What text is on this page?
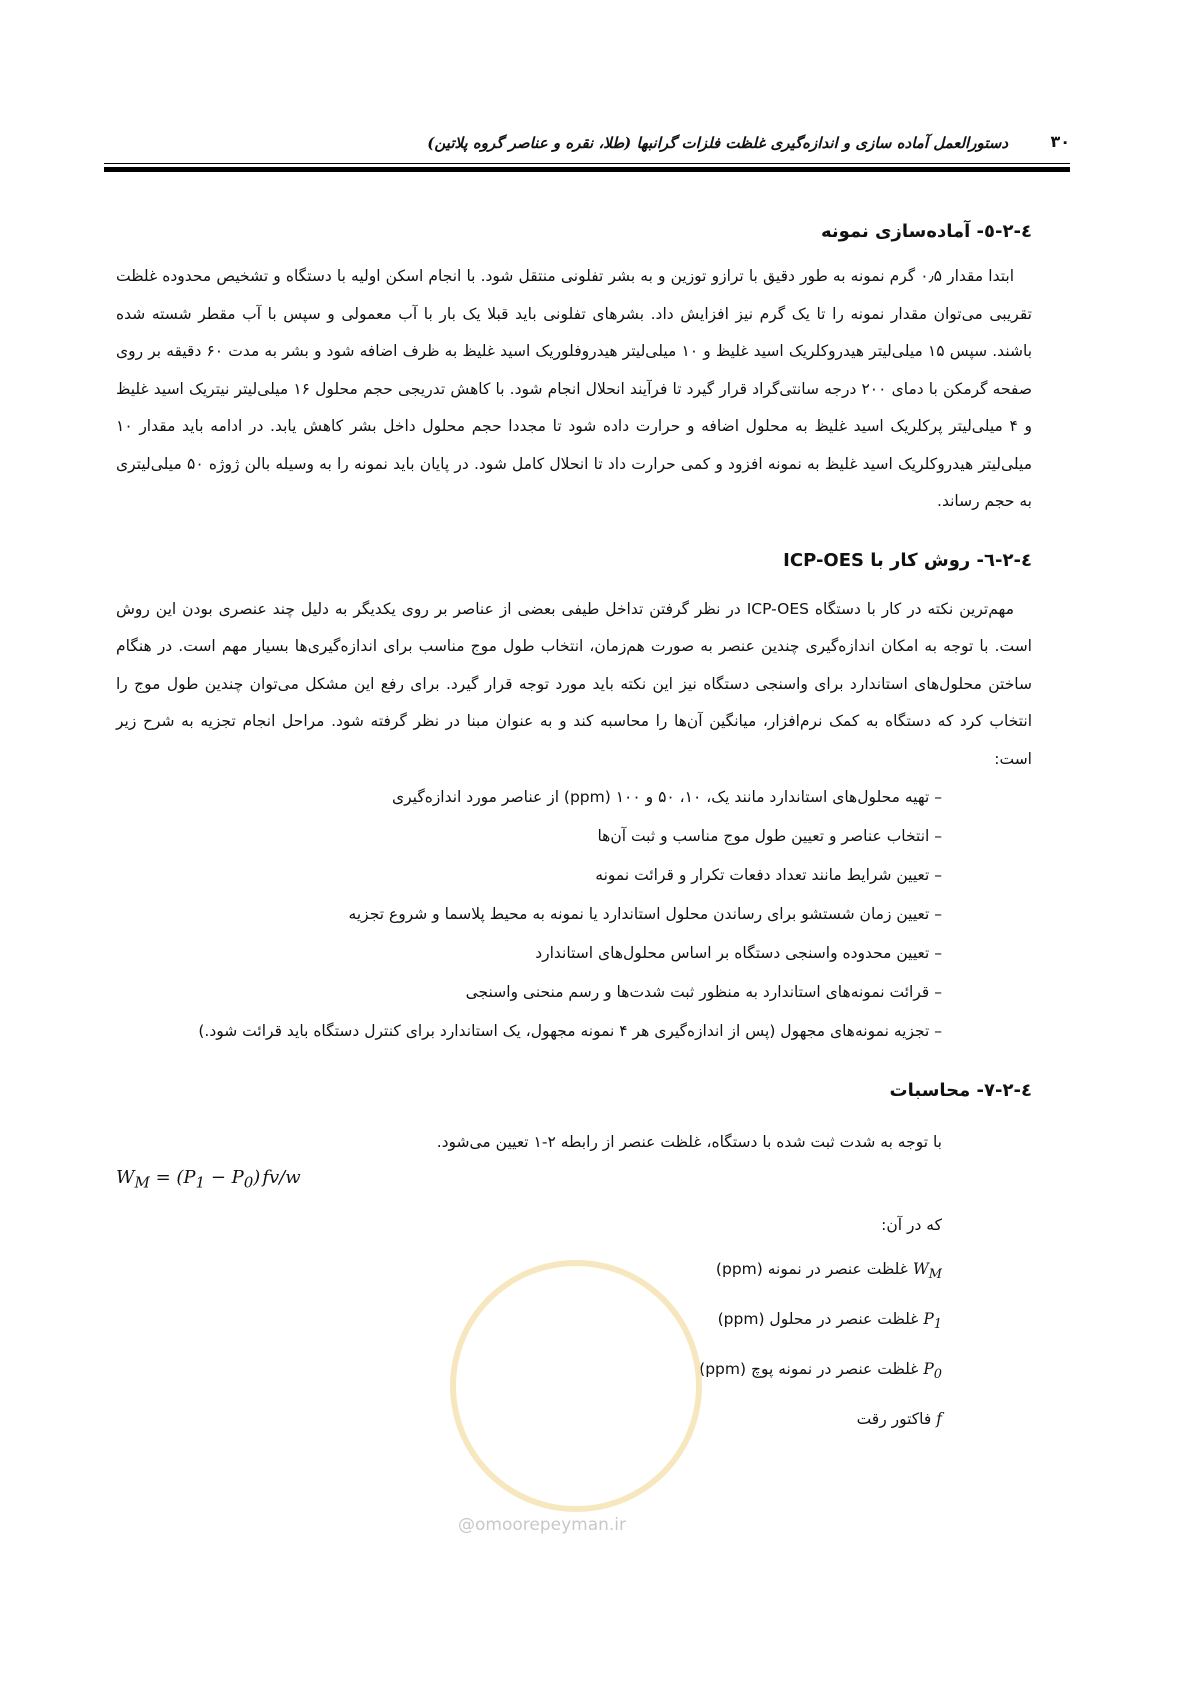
دستورالعمل آماده سازی و اندازه‌گیری غلظت فلزات گرانبها (طلا، نقره و عناصر گروه پلاتین)	۳۰
٤-٢-٥- آماده‌سازی نمونه

ابتدا مقدار ۰٫۵ گرم نمونه به طور دقیق با ترازو توزین و به بشر تفلونی منتقل شود. با انجام اسکن اولیه با دستگاه و تشخیص محدوده غلظت تقریبی می‌توان مقدار نمونه را تا یک گرم نیز افزایش داد. بشرهای تفلونی باید قبلا یک بار با آب معمولی و سپس با آب مقطر شسته شده باشند. سپس ۱۵ میلی‌لیتر هیدروکلریک اسید غلیظ و ۱۰ میلی‌لیتر هیدروفلوریک اسید غلیظ به ظرف اضافه شود و بشر به مدت ۶۰ دقیقه بر روی صفحه گرمکن با دمای ۲۰۰ درجه سانتی‌گراد قرار گیرد تا فرآیند انحلال انجام شود. با کاهش تدریجی حجم محلول ۱۶ میلی‌لیتر نیتریک اسید غلیظ و ۴ میلی‌لیتر پرکلریک اسید غلیظ به محلول اضافه و حرارت داده شود تا مجددا حجم محلول داخل بشر کاهش یابد. در ادامه باید مقدار ۱۰ میلی‌لیتر هیدروکلریک اسید غلیظ به نمونه افزود و کمی حرارت داد تا انحلال کامل شود. در پایان باید نمونه را به وسیله بالن ژوژه ۵۰ میلی‌لیتری به حجم رساند.

٤-٢-٦- روش کار با ICP-OES

مهم‌ترین نکته در کار با دستگاه ICP-OES در نظر گرفتن تداخل طیفی بعضی از عناصر بر روی یکدیگر به دلیل چند عنصری بودن این روش است. با توجه به امکان اندازه‌گیری چندین عنصر به صورت هم‌زمان، انتخاب طول موج مناسب برای اندازه‌گیری‌ها بسیار مهم است. در هنگام ساختن محلول‌های استاندارد برای واسنجی دستگاه نیز این نکته باید مورد توجه قرار گیرد. برای رفع این مشکل می‌توان چندین طول موج را انتخاب کرد که دستگاه به کمک نرم‌افزار، میانگین آن‌ها را محاسبه کند و به عنوان مبنا در نظر گرفته شود. مراحل انجام تجزیه به شرح زیر است:

– تهیه محلول‌های استاندارد مانند یک، ۱۰، ۵۰ و ۱۰۰ (ppm) از عناصر مورد اندازه‌گیری
– انتخاب عناصر و تعیین طول موج مناسب و ثبت آن‌ها
– تعیین شرایط مانند تعداد دفعات تکرار و قرائت نمونه
– تعیین زمان شستشو برای رساندن محلول استاندارد یا نمونه به محیط پلاسما و شروع تجزیه
– تعیین محدوده واسنجی دستگاه بر اساس محلول‌های استاندارد
– قرائت نمونه‌های استاندارد به منظور ثبت شدت‌ها و رسم منحنی واسنجی
– تجزیه نمونه‌های مجهول (پس از اندازه‌گیری هر ۴ نمونه مجهول، یک استاندارد برای کنترل دستگاه باید قرائت شود.)
٤-٢-٧- محاسبات
با توجه به شدت ثبت شده با دستگاه، غلظت عنصر از رابطه ٢-١ تعیین می‌شود.
$W_M = (P_1 - P_0)$ fv/w
که در آن:
$W_M$ غلظت عنصر در نمونه (ppm)
$P_1$ غلظت عنصر در محلول (ppm)
$P_0$ غلظت عنصر در نمونه پوچ (ppm)
f فاکتور رقت
@omoorepeyman.ir
